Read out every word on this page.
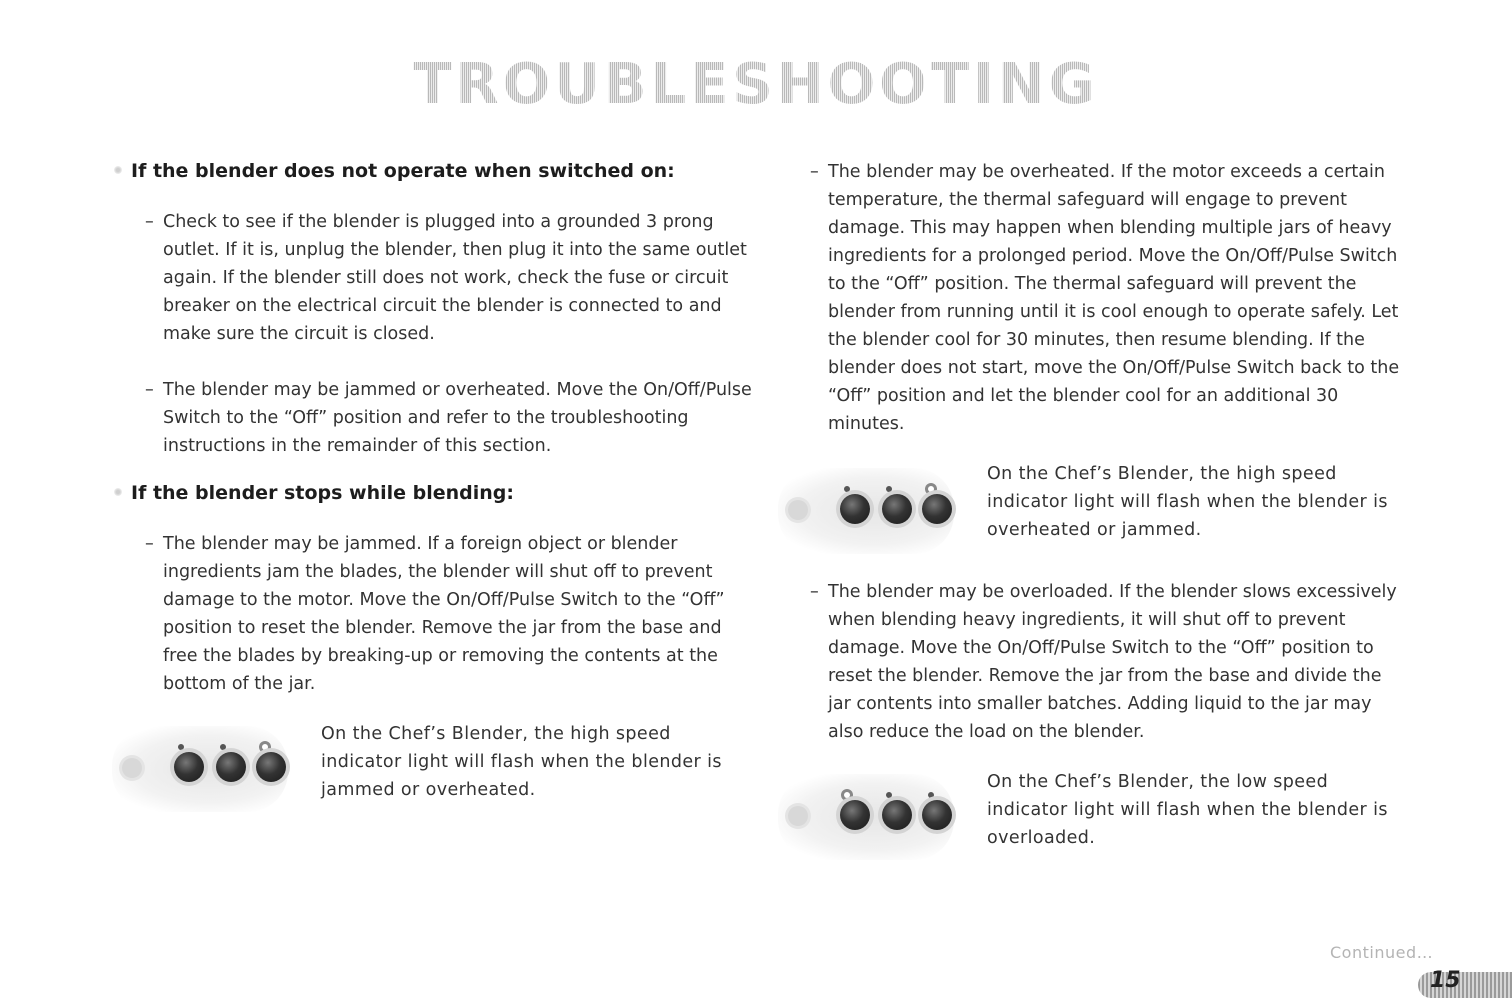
TROUBLESHOOTING

If the blender does not operate when switched on:

– Check to see if the blender is plugged into a grounded 3 prong outlet. If it is, unplug the blender, then plug it into the same outlet again. If the blender still does not work, check the fuse or circuit breaker on the electrical circuit the blender is connected to and make sure the circuit is closed.
– The blender may be jammed or overheated. Move the On/Off/Pulse Switch to the “Off” position and refer to the troubleshooting instructions in the remainder of this section.

If the blender stops while blending:

– The blender may be jammed. If a foreign object or blender ingredients jam the blades, the blender will shut off to prevent damage to the motor. Move the On/Off/Pulse Switch to the “Off” position to reset the blender. Remove the jar from the base and free the blades by breaking-up or removing the contents at the bottom of the jar.
On the Chef’s Blender, the high speed indicator light will flash when the blender is jammed or overheated.
– The blender may be overheated. If the motor exceeds a certain temperature, the thermal safeguard will engage to prevent damage. This may happen when blending multiple jars of heavy ingredients for a prolonged period. Move the On/Off/Pulse Switch to the “Off” position. The thermal safeguard will prevent the blender from running until it is cool enough to operate safely. Let the blender cool for 30 minutes, then resume blending. If the blender does not start, move the On/Off/Pulse Switch back to the “Off” position and let the blender cool for an additional 30 minutes.
On the Chef’s Blender, the high speed indicator light will flash when the blender is overheated or jammed.
– The blender may be overloaded. If the blender slows excessively when blending heavy ingredients, it will shut off to prevent damage. Move the On/Off/Pulse Switch to the “Off” position to reset the blender. Remove the jar from the base and divide the jar contents into smaller batches. Adding liquid to the jar may also reduce the load on the blender.
On the Chef’s Blender, the low speed indicator light will flash when the blender is overloaded.
Continued…
15
